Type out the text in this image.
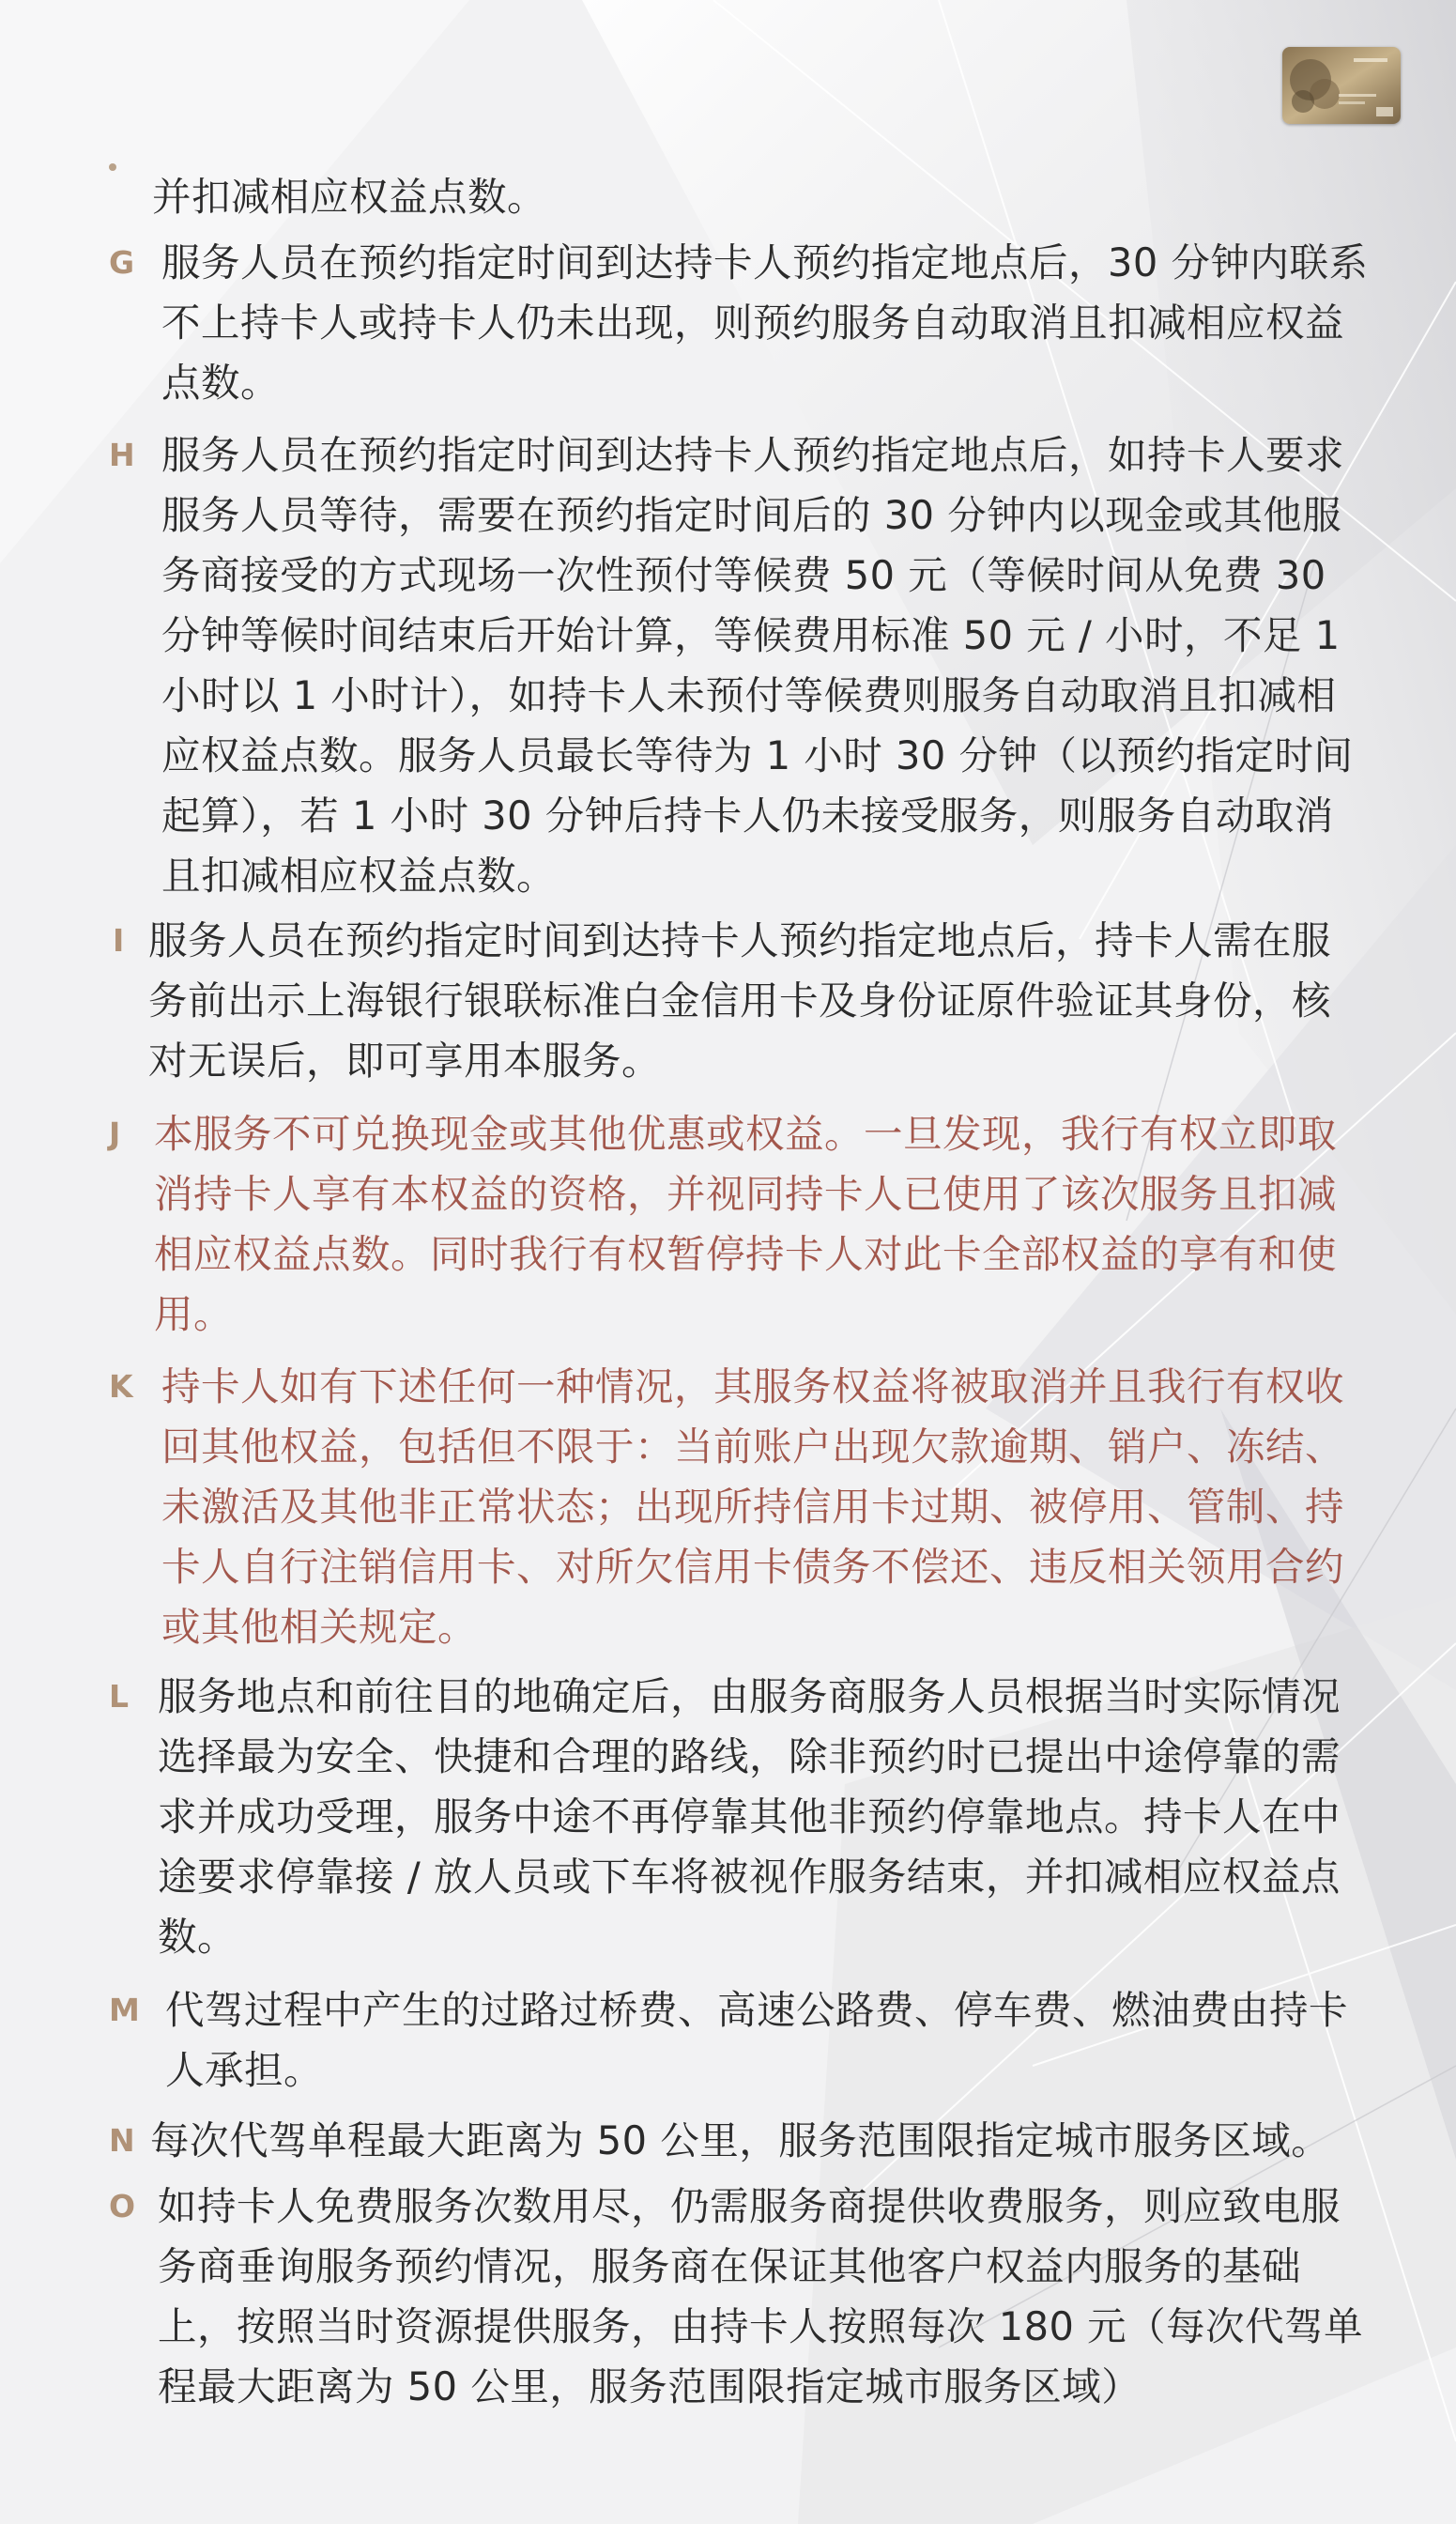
并扣减相应权益点数。

G 服务人员在预约指定时间到达持卡人预约指定地点后，30 分钟内联系不上持卡人或持卡人仍未出现，则预约服务自动取消且扣减相应权益点数。

H 服务人员在预约指定时间到达持卡人预约指定地点后，如持卡人要求服务人员等待，需要在预约指定时间后的 30 分钟内以现金或其他服务商接受的方式现场一次性预付等候费 50 元（等候时间从免费 30 分钟等候时间结束后开始计算，等候费用标准 50 元 / 小时，不足 1 小时以 1 小时计），如持卡人未预付等候费则服务自动取消且扣减相应权益点数。服务人员最长等待为 1 小时 30 分钟（以预约指定时间起算），若 1 小时 30 分钟后持卡人仍未接受服务，则服务自动取消且扣减相应权益点数。

I 服务人员在预约指定时间到达持卡人预约指定地点后，持卡人需在服务前出示上海银行银联标准白金信用卡及身份证原件验证其身份，核对无误后，即可享用本服务。

J 本服务不可兑换现金或其他优惠或权益。一旦发现，我行有权立即取消持卡人享有本权益的资格，并视同持卡人已使用了该次服务且扣减相应权益点数。同时我行有权暂停持卡人对此卡全部权益的享有和使用。

K 持卡人如有下述任何一种情况，其服务权益将被取消并且我行有权收回其他权益，包括但不限于：当前账户出现欠款逾期、销户、冻结、未激活及其他非正常状态；出现所持信用卡过期、被停用、管制、持卡人自行注销信用卡、对所欠信用卡债务不偿还、违反相关领用合约或其他相关规定。

L 服务地点和前往目的地确定后，由服务商服务人员根据当时实际情况选择最为安全、快捷和合理的路线，除非预约时已提出中途停靠的需求并成功受理，服务中途不再停靠其他非预约停靠地点。持卡人在中途要求停靠接 / 放人员或下车将被视作服务结束，并扣减相应权益点数。

M 代驾过程中产生的过路过桥费、高速公路费、停车费、燃油费由持卡人承担。

N 每次代驾单程最大距离为 50 公里，服务范围限指定城市服务区域。

O 如持卡人免费服务次数用尽，仍需服务商提供收费服务，则应致电服务商垂询服务预约情况，服务商在保证其他客户权益内服务的基础上，按照当时资源提供服务，由持卡人按照每次 180 元（每次代驾单程最大距离为 50 公里，服务范围限指定城市服务区域）
